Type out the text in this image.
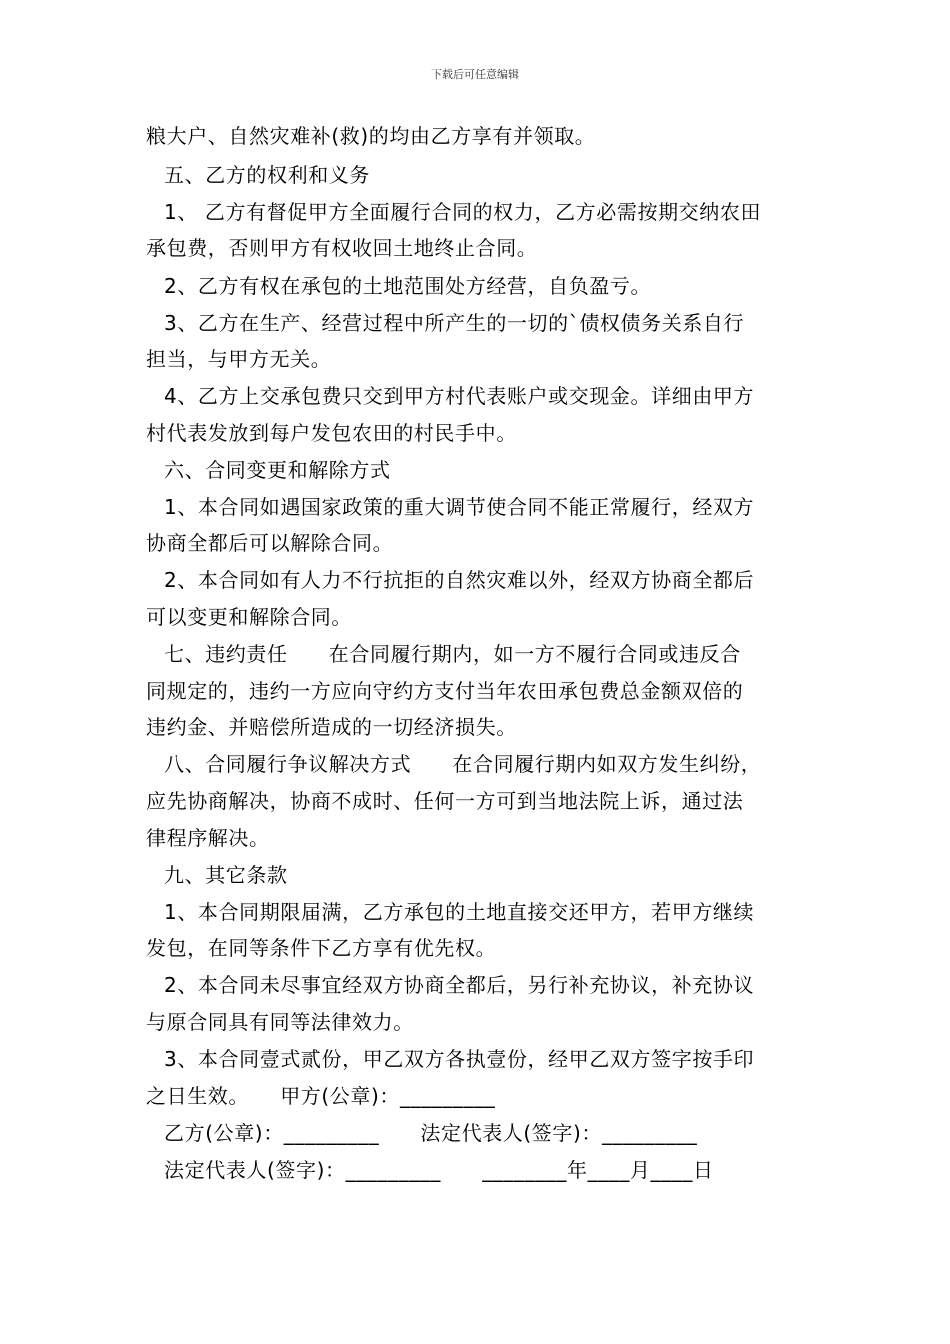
下载后可任意编辑
粮大户、自然灾难补(救)的均由乙方享有并领取。
五、乙方的权利和义务
1、 乙方有督促甲方全面履行合同的权力，乙方必需按期交纳农田
承包费，否则甲方有权收回土地终止合同。
2、乙方有权在承包的土地范围处方经营，自负盈亏。
3、乙方在生产、经营过程中所产生的一切的`债权债务关系自行
担当，与甲方无关。
4、乙方上交承包费只交到甲方村代表账户或交现金。详细由甲方
村代表发放到每户发包农田的村民手中。
六、合同变更和解除方式
1、本合同如遇国家政策的重大调节使合同不能正常履行，经双方
协商全都后可以解除合同。
2、本合同如有人力不行抗拒的自然灾难以外，经双方协商全都后
可以变更和解除合同。
七、违约责任　　在合同履行期内，如一方不履行合同或违反合
同规定的，违约一方应向守约方支付当年农田承包费总金额双倍的
违约金、并赔偿所造成的一切经济损失。
八、合同履行争议解决方式　　在合同履行期内如双方发生纠纷，
应先协商解决，协商不成时、任何一方可到当地法院上诉，通过法
律程序解决。
九、其它条款
1、本合同期限届满，乙方承包的土地直接交还甲方，若甲方继续
发包，在同等条件下乙方享有优先权。
2、本合同未尽事宜经双方协商全都后，另行补充协议，补充协议
与原合同具有同等法律效力。
3、本合同壹式贰份，甲乙双方各执壹份，经甲乙双方签字按手印
之日生效。　　甲方(公章)：_________
乙方(公章)：_________　　法定代表人(签字)：_________
法定代表人(签字)：_________　　________年____月____日
